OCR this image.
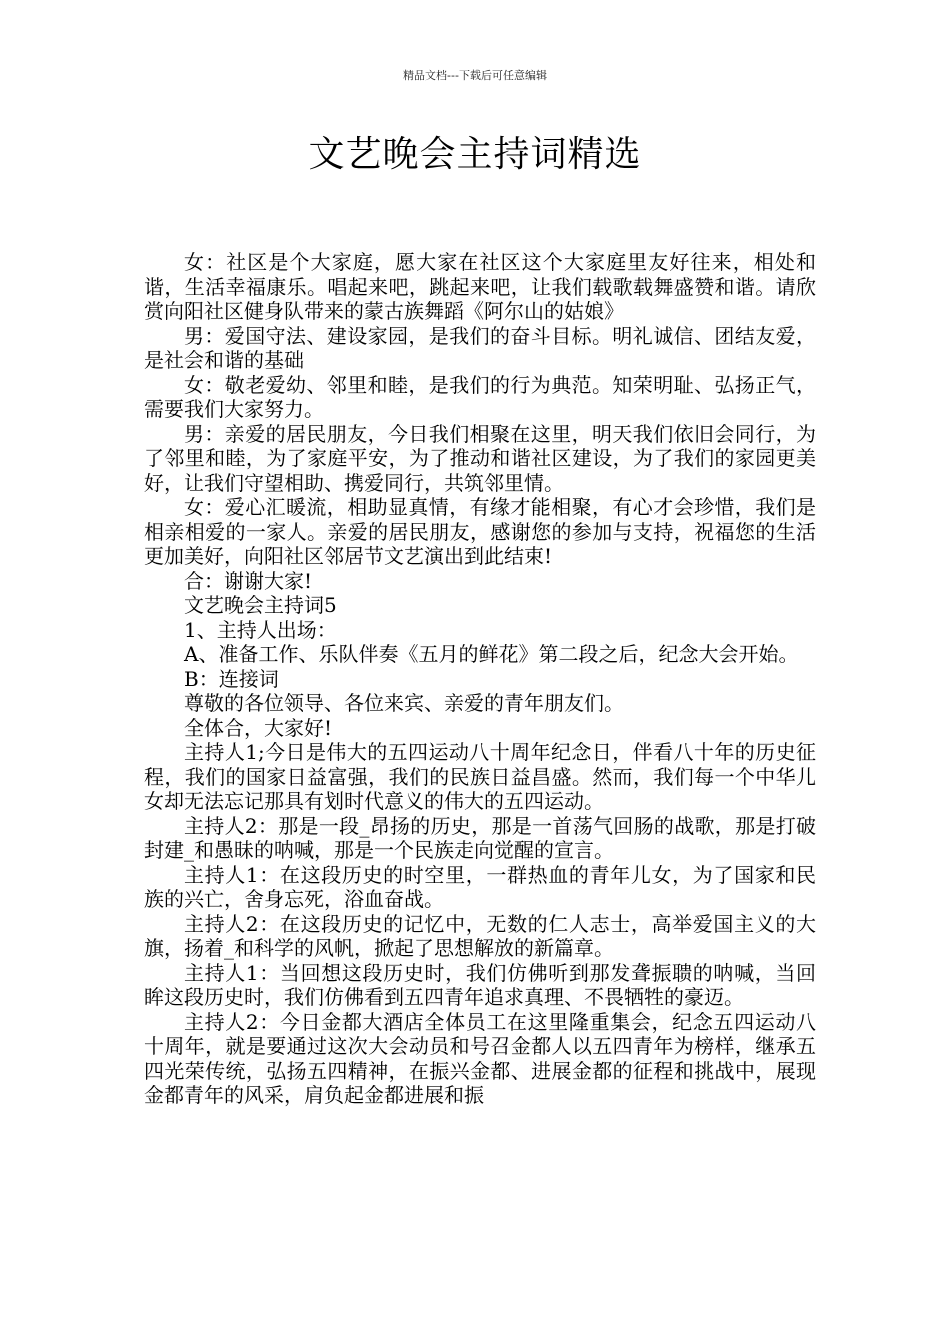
精品文档---下载后可任意编辑
文艺晚会主持词精选

女：社区是个大家庭，愿大家在社区这个大家庭里友好往来，相处和谐，生活幸福康乐。唱起来吧，跳起来吧，让我们载歌载舞盛赞和谐。请欣赏向阳社区健身队带来的蒙古族舞蹈《阿尔山的姑娘》

男：爱国守法、建设家园，是我们的奋斗目标。明礼诚信、团结友爱，是社会和谐的基础

女：敬老爱幼、邻里和睦，是我们的行为典范。知荣明耻、弘扬正气，需要我们大家努力。

男：亲爱的居民朋友，今日我们相聚在这里，明天我们依旧会同行，为了邻里和睦，为了家庭平安，为了推动和谐社区建设，为了我们的家园更美好，让我们守望相助、携爱同行，共筑邻里情。

女：爱心汇暖流，相助显真情，有缘才能相聚，有心才会珍惜，我们是相亲相爱的一家人。亲爱的居民朋友，感谢您的参加与支持，祝福您的生活更加美好，向阳社区邻居节文艺演出到此结束!

合：谢谢大家!

文艺晚会主持词5

1、主持人出场：

A、准备工作、乐队伴奏《五月的鲜花》第二段之后，纪念大会开始。

B：连接词

尊敬的各位领导、各位来宾、亲爱的青年朋友们。

全体合，大家好!

主持人1;今日是伟大的五四运动八十周年纪念日，伴看八十年的历史征程，我们的国家日益富强，我们的民族日益昌盛。然而，我们每一个中华儿女却无法忘记那具有划时代意义的伟大的五四运动。

主持人2：那是一段_昂扬的历史，那是一首荡气回肠的战歌，那是打破封建_和愚昧的呐喊，那是一个民族走向觉醒的宣言。

主持人1：在这段历史的时空里，一群热血的青年儿女，为了国家和民族的兴亡，舍身忘死，浴血奋战。

主持人2：在这段历史的记忆中，无数的仁人志士，高举爱国主义的大旗，扬着_和科学的风帆，掀起了思想解放的新篇章。

主持人1：当回想这段历史时，我们仿佛听到那发聋振聩的呐喊，当回眸这段历史时，我们仿佛看到五四青年追求真理、不畏牺牲的豪迈。

主持人2：今日金都大酒店全体员工在这里隆重集会，纪念五四运动八十周年，就是要通过这次大会动员和号召金都人以五四青年为榜样，继承五四光荣传统，弘扬五四精神，在振兴金都、进展金都的征程和挑战中，展现金都青年的风采，肩负起金都进展和振
